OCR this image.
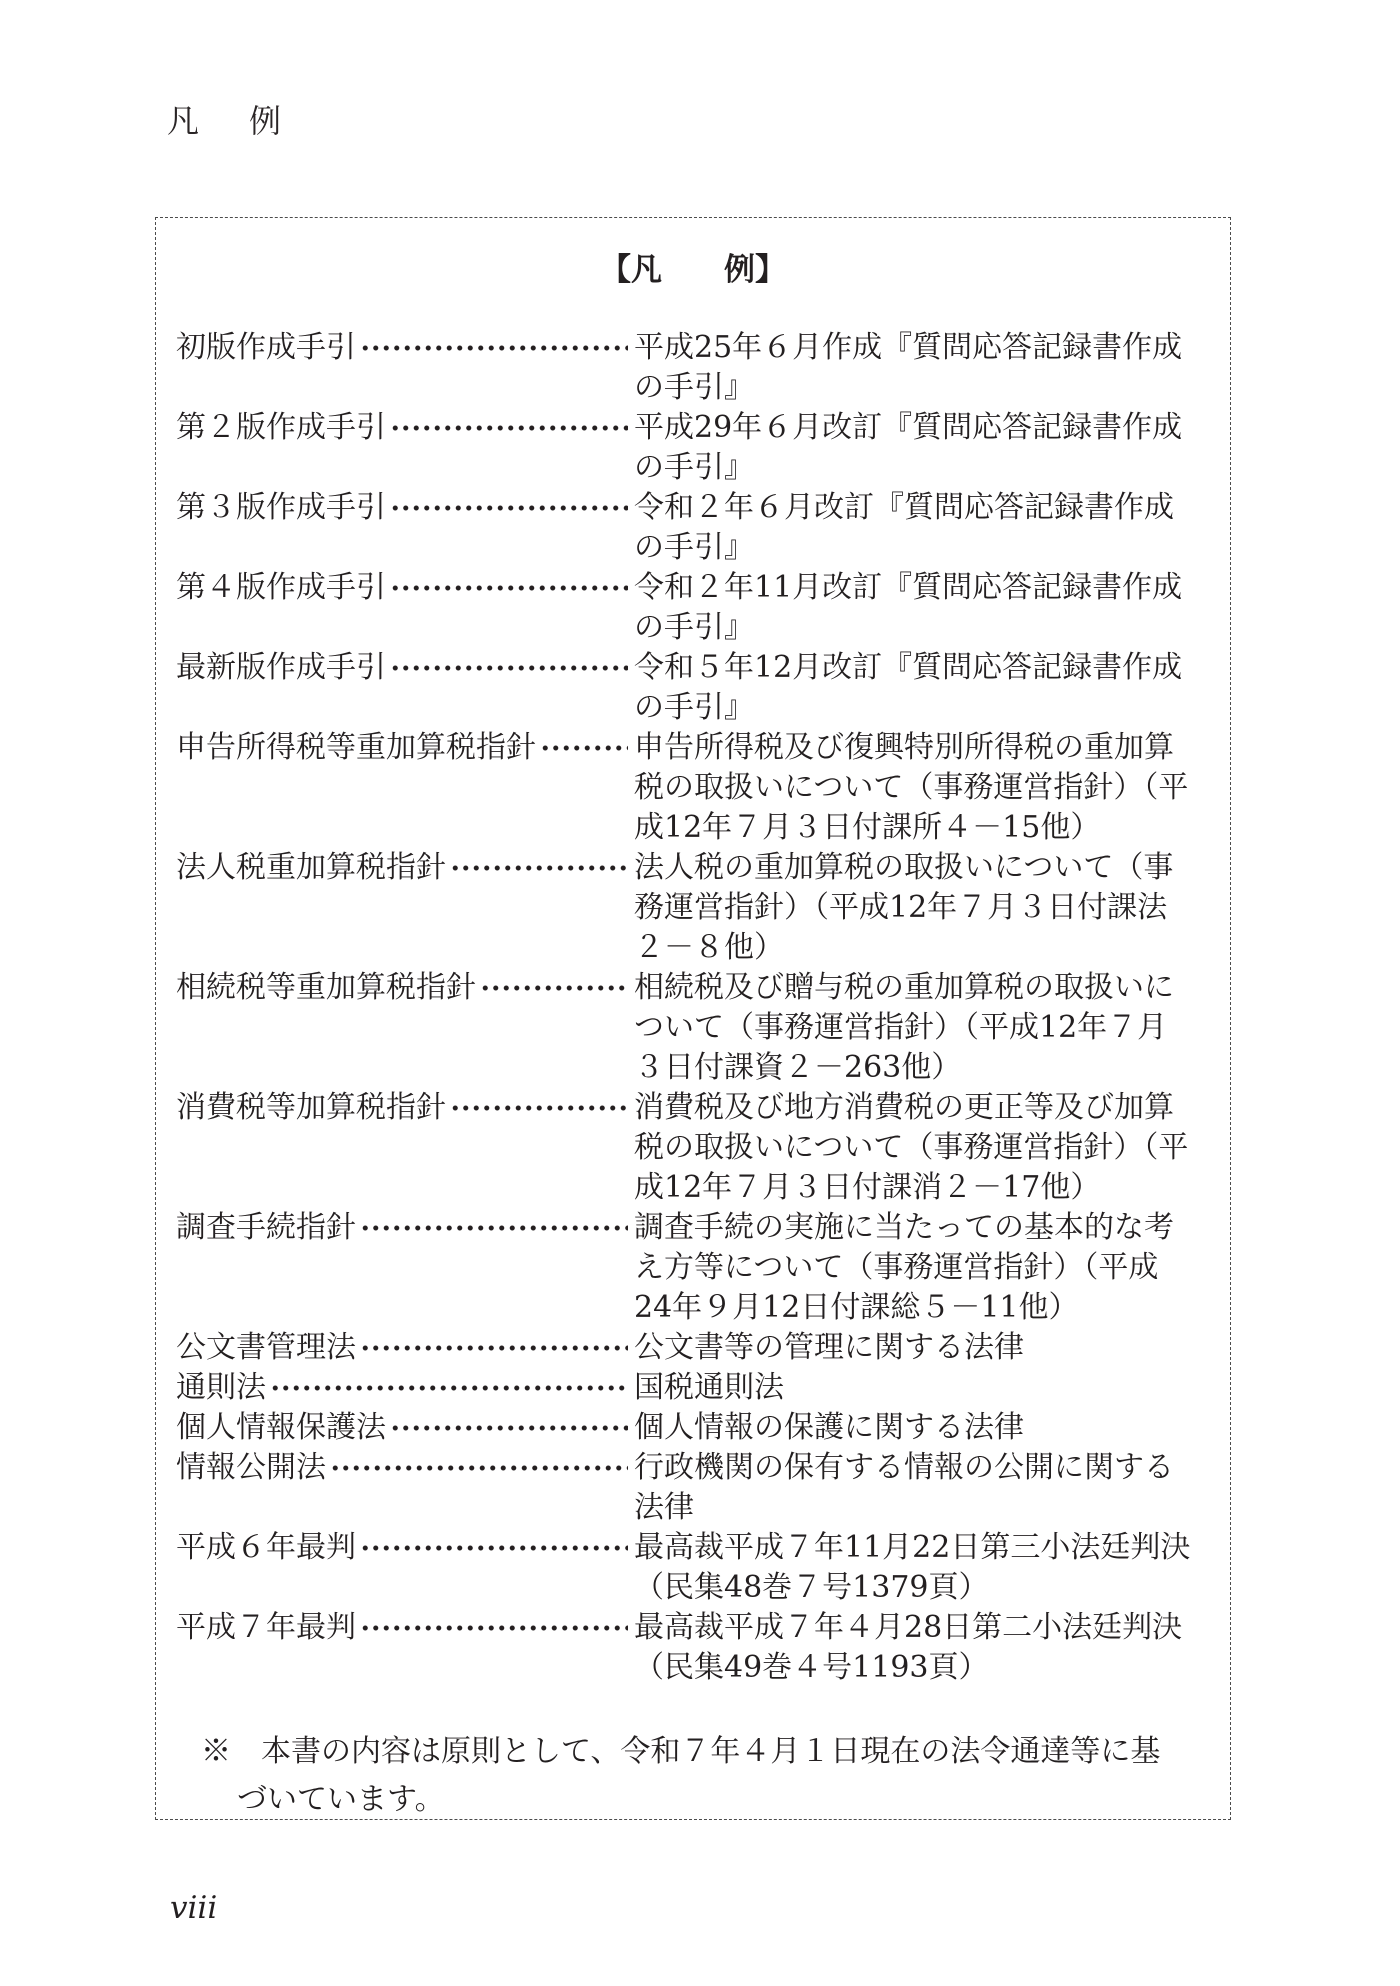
凡　例
【凡　　例】
初版作成手引	平成25年６月作成『質問応答記録書作成
の手引』
第２版作成手引	平成29年６月改訂『質問応答記録書作成
の手引』
第３版作成手引	令和２年６月改訂『質問応答記録書作成
の手引』
第４版作成手引	令和２年11月改訂『質問応答記録書作成
の手引』
最新版作成手引	令和５年12月改訂『質問応答記録書作成
の手引』
申告所得税等重加算税指針	申告所得税及び復興特別所得税の重加算
税の取扱いについて（事務運営指針）（平
成12年７月３日付課所４－15他）
法人税重加算税指針	法人税の重加算税の取扱いについて（事
務運営指針）（平成12年７月３日付課法
２－８他）
相続税等重加算税指針	相続税及び贈与税の重加算税の取扱いに
ついて（事務運営指針）（平成12年７月
３日付課資２－263他）
消費税等加算税指針	消費税及び地方消費税の更正等及び加算
税の取扱いについて（事務運営指針）（平
成12年７月３日付課消２－17他）
調査手続指針	調査手続の実施に当たっての基本的な考
え方等について（事務運営指針）（平成
24年９月12日付課総５－11他）
公文書管理法	公文書等の管理に関する法律
通則法	国税通則法
個人情報保護法	個人情報の保護に関する法律
情報公開法	行政機関の保有する情報の公開に関する
法律
平成６年最判	最高裁平成７年11月22日第三小法廷判決
（民集48巻７号1379頁）
平成７年最判	最高裁平成７年４月28日第二小法廷判決
（民集49巻４号1193頁）
※　本書の内容は原則として、令和７年４月１日現在の法令通達等に基
づいています。
viii
